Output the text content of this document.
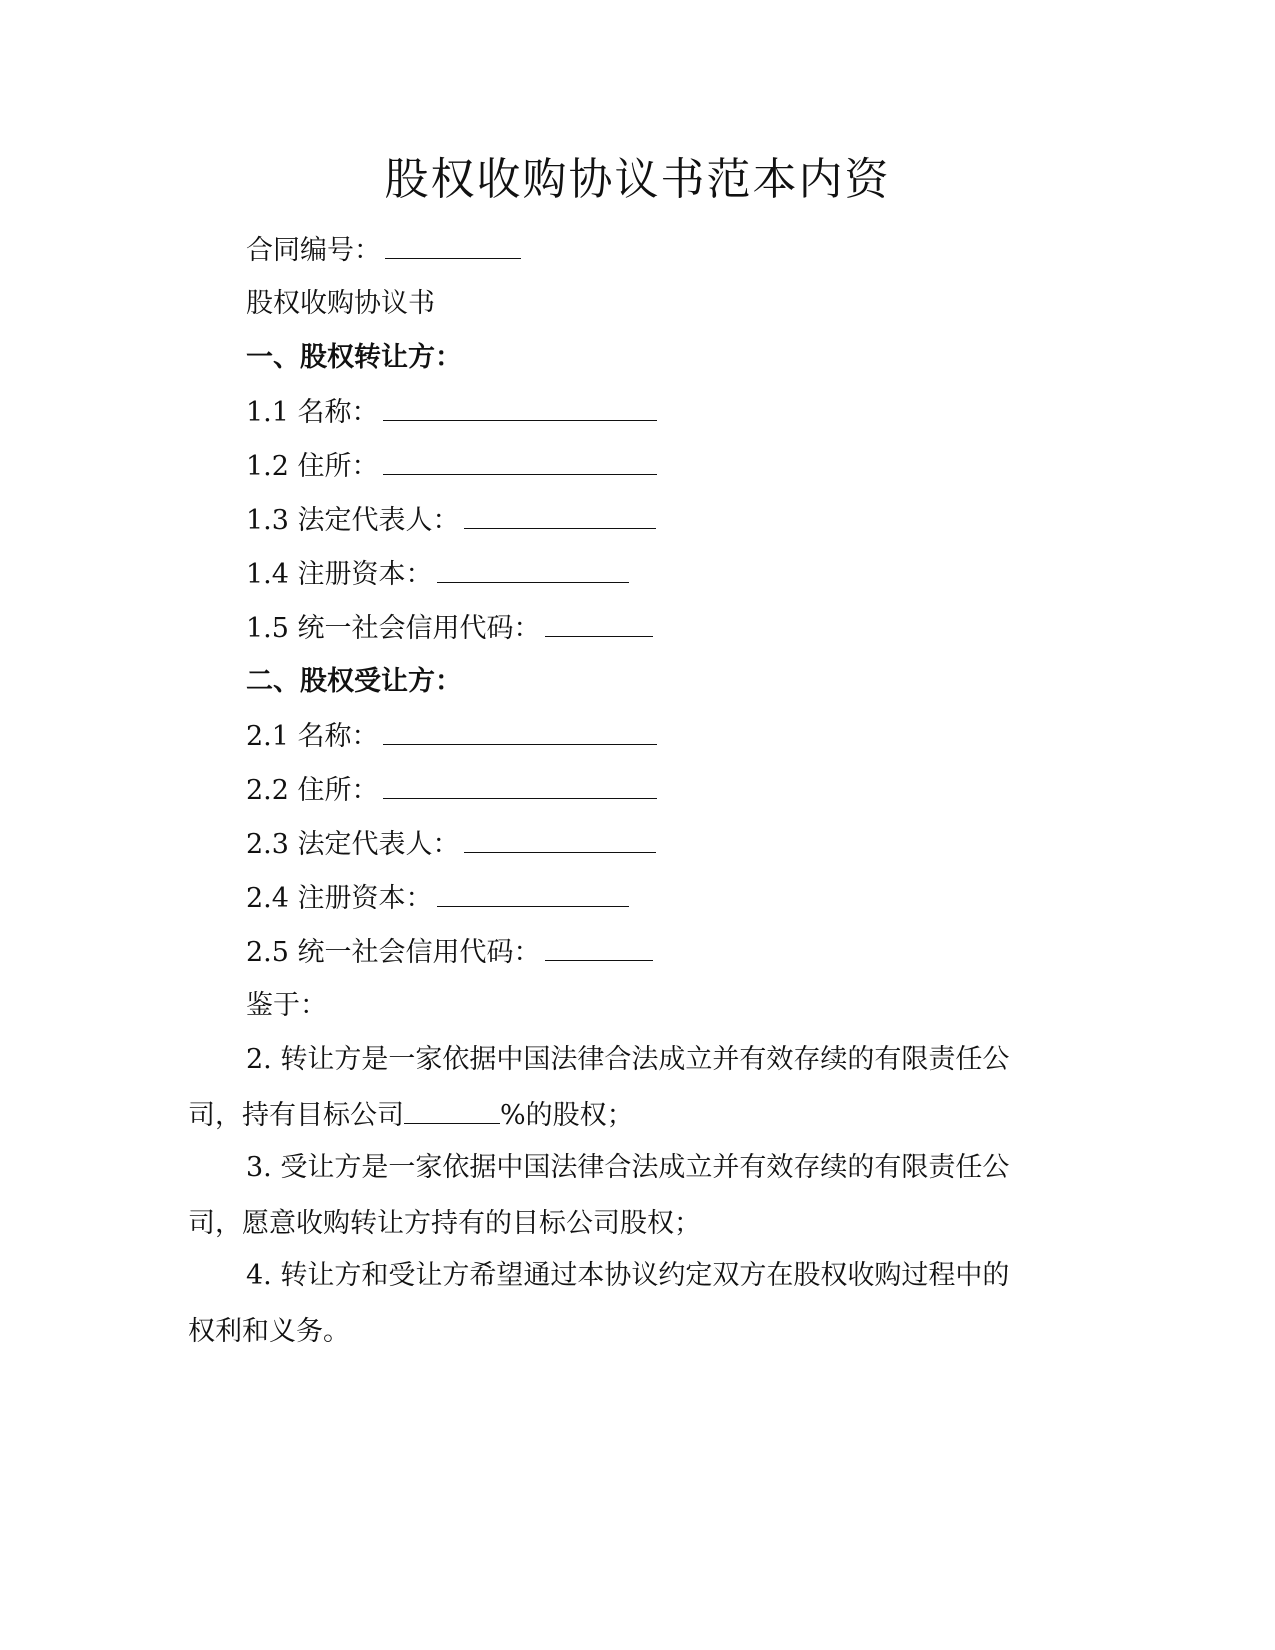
股权收购协议书范本内资
合同编号：
股权收购协议书
一、股权转让方：
1.1 名称：
1.2 住所：
1.3 法定代表人：
1.4 注册资本：
1.5 统一社会信用代码：
二、股权受让方：
2.1 名称：
2.2 住所：
2.3 法定代表人：
2.4 注册资本：
2.5 统一社会信用代码：
鉴于：
2. 转让方是一家依据中国法律合法成立并有效存续的有限责任公
司，持有目标公司	%的股权；
3. 受让方是一家依据中国法律合法成立并有效存续的有限责任公
司，愿意收购转让方持有的目标公司股权；
4. 转让方和受让方希望通过本协议约定双方在股权收购过程中的
权利和义务。
